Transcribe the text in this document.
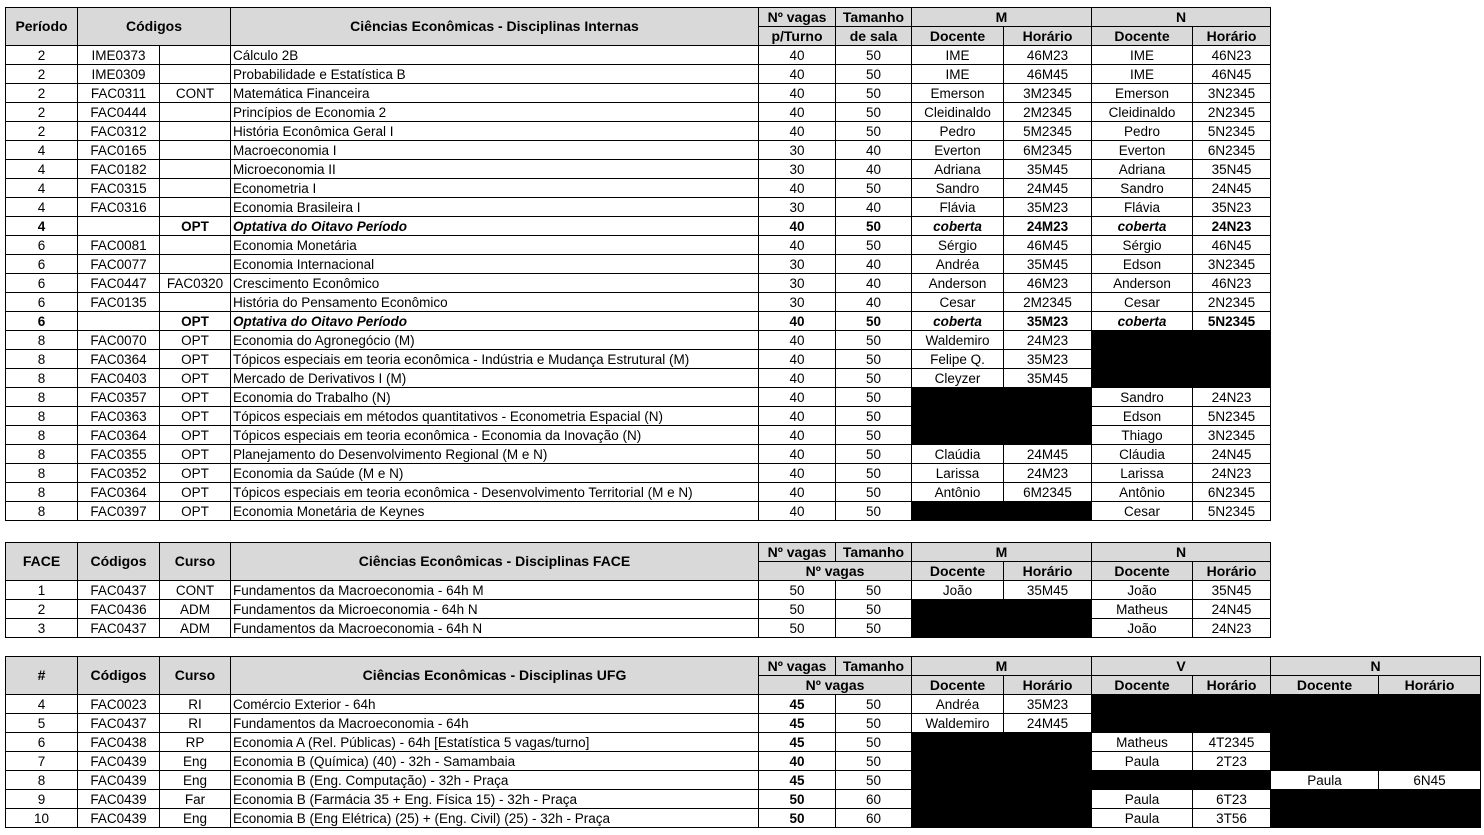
Período	Códigos		Ciências Econômicas - Disciplinas Internas	Nº vagas	Tamanho	M		N	
				p/Turno	de sala	Docente	Horário	Docente	Horário
2	IME0373		Cálculo 2B	40	50	IME	46M23	IME	46N23
2	IME0309		Probabilidade e Estatística B	40	50	IME	46M45	IME	46N45
2	FAC0311	CONT	Matemática Financeira	40	50	Emerson	3M2345	Emerson	3N2345
2	FAC0444		Princípios de Economia 2	40	50	Cleidinaldo	2M2345	Cleidinaldo	2N2345
2	FAC0312		História Econômica Geral I	40	50	Pedro	5M2345	Pedro	5N2345
4	FAC0165		Macroeconomia I	30	40	Everton	6M2345	Everton	6N2345
4	FAC0182		Microeconomia II	30	40	Adriana	35M45	Adriana	35N45
4	FAC0315		Econometria I	40	50	Sandro	24M45	Sandro	24N45
4	FAC0316		Economia Brasileira I	30	40	Flávia	35M23	Flávia	35N23
4		OPT	Optativa do Oitavo Período	40	50	coberta	24M23	coberta	24N23
6	FAC0081		Economia Monetária	40	50	Sérgio	46M45	Sérgio	46N45
6	FAC0077		Economia Internacional	30	40	Andréa	35M45	Edson	3N2345
6	FAC0447	FAC0320	Crescimento Econômico	30	40	Anderson	46M23	Anderson	46N23
6	FAC0135		História do Pensamento Econômico	30	40	Cesar	2M2345	Cesar	2N2345
6		OPT	Optativa do Oitavo Período	40	50	coberta	35M23	coberta	5N2345
8	FAC0070	OPT	Economia do Agronegócio (M)	40	50	Waldemiro	24M23		
8	FAC0364	OPT	Tópicos especiais em teoria econômica - Indústria e Mudança Estrutural (M)	40	50	Felipe Q.	35M23		
8	FAC0403	OPT	Mercado de Derivativos I (M)	40	50	Cleyzer	35M45		
8	FAC0357	OPT	Economia do Trabalho (N)	40	50			Sandro	24N23
8	FAC0363	OPT	Tópicos especiais em métodos quantitativos - Econometria Espacial (N)	40	50			Edson	5N2345
8	FAC0364	OPT	Tópicos especiais em teoria econômica - Economia da Inovação (N)	40	50			Thiago	3N2345
8	FAC0355	OPT	Planejamento do Desenvolvimento Regional (M e N)	40	50	Claúdia	24M45	Cláudia	24N45
8	FAC0352	OPT	Economia da Saúde (M e N)	40	50	Larissa	24M23	Larissa	24N23
8	FAC0364	OPT	Tópicos especiais em teoria econômica - Desenvolvimento Territorial (M e N)	40	50	Antônio	6M2345	Antônio	6N2345
8	FAC0397	OPT	Economia Monetária de Keynes	40	50			Cesar	5N2345
FACE	Códigos	Curso	Ciências Econômicas - Disciplinas FACE	Nº vagas	Tamanho	M		N	
				Nº vagas		Docente	Horário	Docente	Horário
1	FAC0437	CONT	Fundamentos da Macroeconomia - 64h M	50	50	João	35M45	João	35N45
2	FAC0436	ADM	Fundamentos da Microeconomia - 64h N	50	50			Matheus	24N45
3	FAC0437	ADM	Fundamentos da Macroeconomia - 64h N	50	50			João	24N23
#	Códigos	Curso	Ciências Econômicas - Disciplinas UFG	Nº vagas	Tamanho	M		V		N	
				Nº vagas		Docente	Horário	Docente	Horário	Docente	Horário
4	FAC0023	RI	Comércio Exterior - 64h	45	50	Andréa	35M23				
5	FAC0437	RI	Fundamentos da Macroeconomia - 64h	45	50	Waldemiro	24M45				
6	FAC0438	RP	Economia A (Rel. Públicas) - 64h [Estatística 5 vagas/turno]	45	50			Matheus	4T2345		
7	FAC0439	Eng	Economia B (Química) (40) - 32h - Samambaia	40	50			Paula	2T23		
8	FAC0439	Eng	Economia B (Eng. Computação) - 32h - Praça	45	50					Paula	6N45
9	FAC0439	Far	Economia B (Farmácia 35 + Eng. Física 15) - 32h - Praça	50	60			Paula	6T23		
10	FAC0439	Eng	Economia B (Eng Elétrica) (25) + (Eng. Civil) (25) - 32h - Praça	50	60			Paula	3T56		
